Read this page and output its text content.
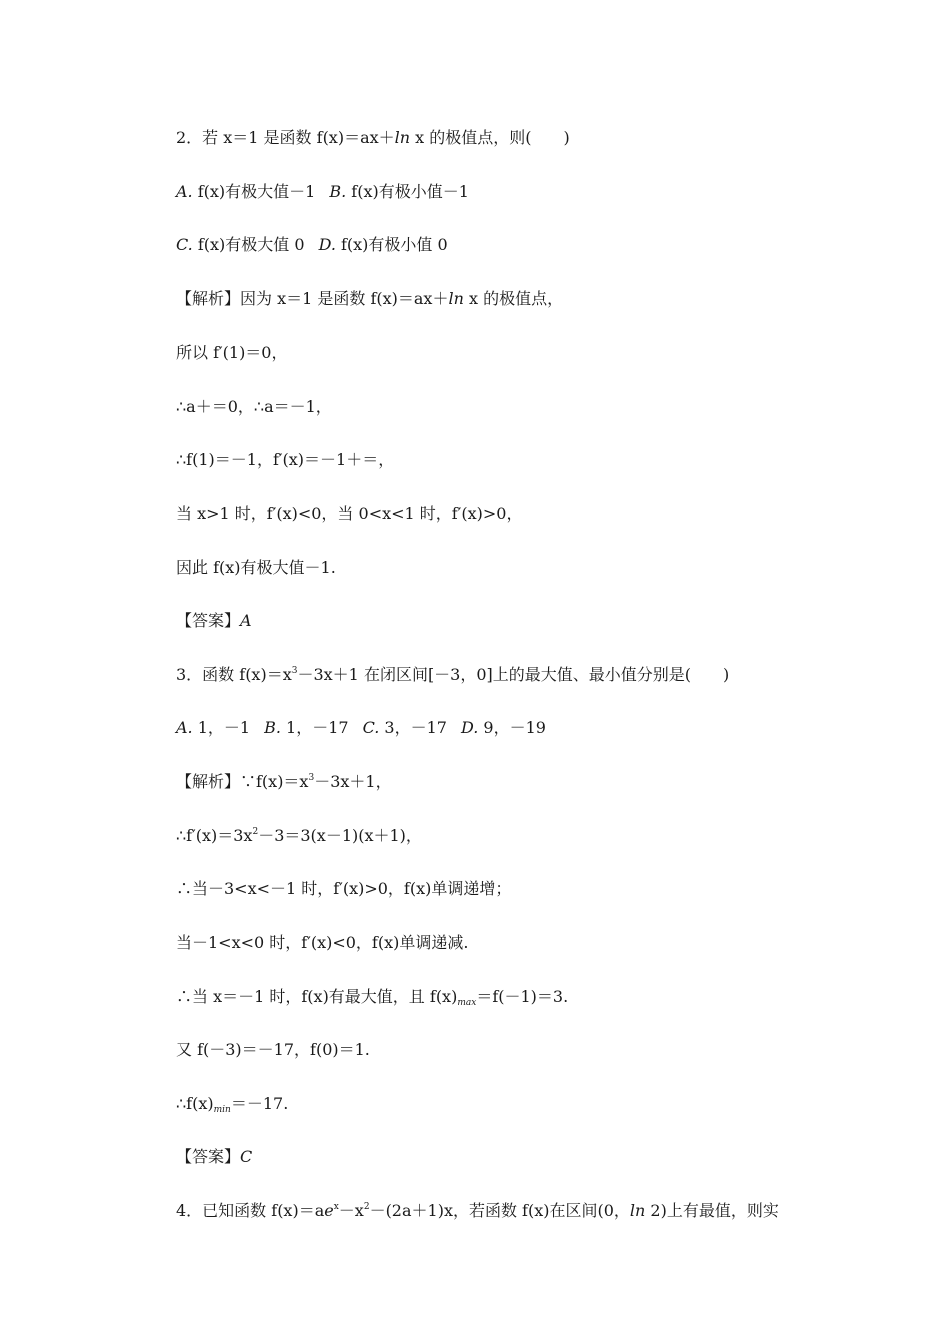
2．若 x＝1 是函数 f(x)＝ax＋ln x 的极值点，则(　　)
A. f(x)有极大值－1 B. f(x)有极小值－1
C. f(x)有极大值 0 D. f(x)有极小值 0
【解析】因为 x＝1 是函数 f(x)＝ax＋ln x 的极值点，
所以 f′(1)＝0，
∴a＋＝0，∴a＝－1，
∴f(1)＝－1，f′(x)＝－1＋＝，
当 x>1 时，f′(x)<0，当 0<x<1 时，f′(x)>0，
因此 f(x)有极大值－1.
【答案】A
3．函数 $f(x)=x^3-3x+1$ 在闭区间[－3，0]上的最大值、最小值分别是(　　)
A. 1，－1 B. 1，－17 C. 3，－17 D. 9，－19
【解析】$\because f(x)=x^3-3x+1$，
$\therefore f'(x)=3x^2-3=3(x-1)(x+1)$，
∴当－3<x<－1 时，f′(x)>0，f(x)单调递增；
当－1<x<0 时，f′(x)<0，f(x)单调递减.
∴当 x＝－1 时，f(x)有最大值，且 $f(x)_{max}=f(-1)=3$.
又 f(－3)＝－17，f(0)＝1.
$\therefore f(x)_{min}=-17$.
【答案】C
4．已知函数 $f(x)=ae^x-x^2-(2a+1)x$，若函数 f(x)在区间(0，ln 2)上有最值，则实
